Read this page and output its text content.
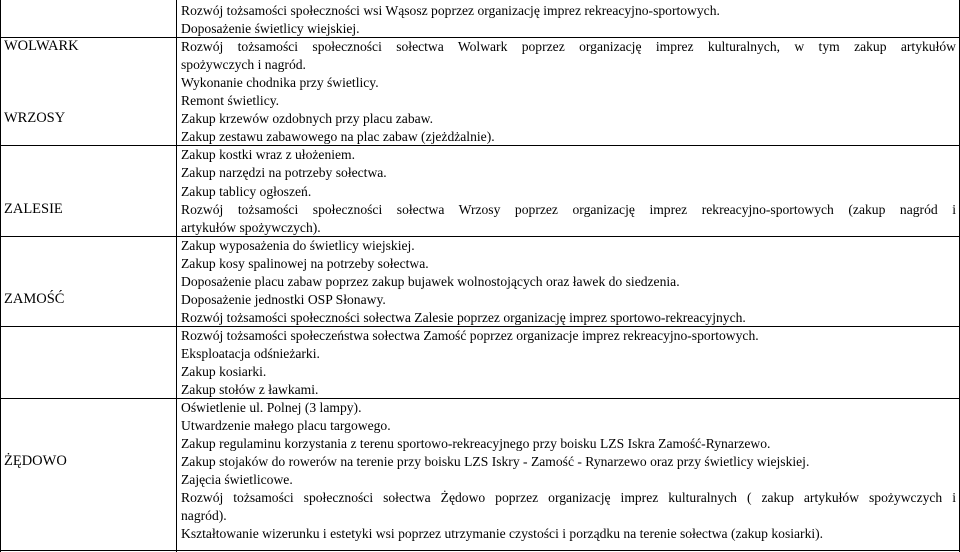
Rozwój tożsamości społeczności wsi Wąsosz poprzez organizację imprez rekreacyjno-sportowych.
Doposażenie świetlicy wiejskiej.
Rozwój tożsamości społeczności sołectwa Wolwark poprzez organizację imprez kulturalnych, w tym zakup artykułów
spożywczych i nagród.
Wykonanie chodnika przy świetlicy.
Remont świetlicy.
Zakup krzewów ozdobnych przy placu zabaw.
Zakup zestawu zabawowego na plac zabaw (zjeżdżalnie).
WOLWARK
Zakup kostki wraz z ułożeniem.
Zakup narzędzi na potrzeby sołectwa.
Zakup tablicy ogłoszeń.
Rozwój tożsamości społeczności sołectwa Wrzosy poprzez organizację imprez rekreacyjno-sportowych (zakup nagród i
artykułów spożywczych).
WRZOSY
Zakup wyposażenia do świetlicy wiejskiej.
Zakup kosy spalinowej na potrzeby sołectwa.
Doposażenie placu zabaw poprzez zakup bujawek wolnostojących oraz ławek do siedzenia.
Doposażenie jednostki OSP Słonawy.
Rozwój tożsamości społeczności sołectwa Zalesie poprzez organizację imprez sportowo-rekreacyjnych.
ZALESIE
Rozwój tożsamości społeczeństwa sołectwa Zamość poprzez organizacje imprez rekreacyjno-sportowych.
Eksploatacja odśnieżarki.
Zakup kosiarki.
Zakup stołów z ławkami.
ZAMOŚĆ
Oświetlenie ul. Polnej (3 lampy).
Utwardzenie małego placu targowego.
Zakup regulaminu korzystania z terenu sportowo-rekreacyjnego przy boisku LZS Iskra Zamość-Rynarzewo.
Zakup stojaków do rowerów na terenie przy boisku LZS Iskry - Zamość - Rynarzewo oraz przy świetlicy wiejskiej.
Zajęcia świetlicowe.
Rozwój tożsamości społeczności sołectwa Żędowo poprzez organizację imprez kulturalnych ( zakup artykułów spożywczych i
nagród).
Kształtowanie wizerunku i estetyki wsi poprzez utrzymanie czystości i porządku na terenie sołectwa (zakup kosiarki).
ŻĘDOWO
